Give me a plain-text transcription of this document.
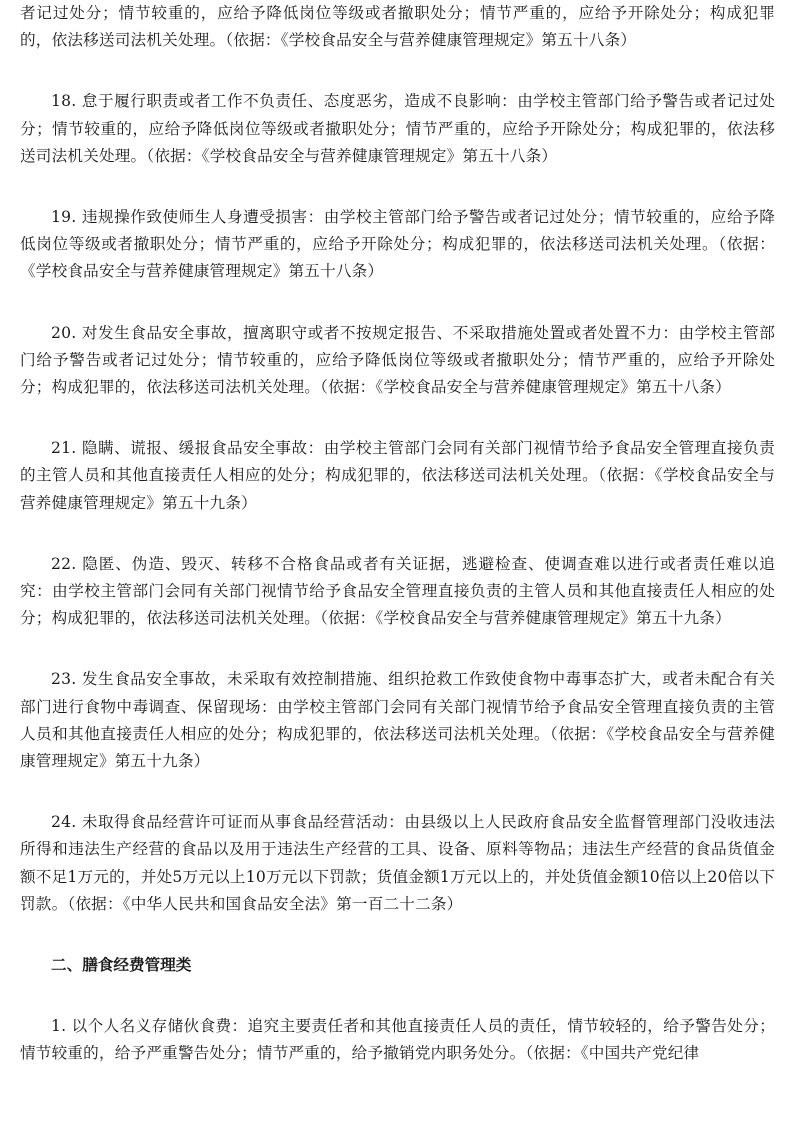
者记过处分；情节较重的，应给予降低岗位等级或者撤职处分；情节严重的，应给予开除处分；构成犯罪的，依法移送司法机关处理。（依据：《学校食品安全与营养健康管理规定》第五十八条）

18. 怠于履行职责或者工作不负责任、态度恶劣，造成不良影响：由学校主管部门给予警告或者记过处分；情节较重的，应给予降低岗位等级或者撤职处分；情节严重的，应给予开除处分；构成犯罪的，依法移送司法机关处理。（依据：《学校食品安全与营养健康管理规定》第五十八条）

19. 违规操作致使师生人身遭受损害：由学校主管部门给予警告或者记过处分；情节较重的，应给予降低岗位等级或者撤职处分；情节严重的，应给予开除处分；构成犯罪的，依法移送司法机关处理。（依据：《学校食品安全与营养健康管理规定》第五十八条）

20. 对发生食品安全事故，擅离职守或者不按规定报告、不采取措施处置或者处置不力：由学校主管部门给予警告或者记过处分；情节较重的，应给予降低岗位等级或者撤职处分；情节严重的，应给予开除处分；构成犯罪的，依法移送司法机关处理。（依据：《学校食品安全与营养健康管理规定》第五十八条）

21. 隐瞒、谎报、缓报食品安全事故：由学校主管部门会同有关部门视情节给予食品安全管理直接负责的主管人员和其他直接责任人相应的处分；构成犯罪的，依法移送司法机关处理。（依据：《学校食品安全与营养健康管理规定》第五十九条）

22. 隐匿、伪造、毁灭、转移不合格食品或者有关证据，逃避检查、使调查难以进行或者责任难以追究：由学校主管部门会同有关部门视情节给予食品安全管理直接负责的主管人员和其他直接责任人相应的处分；构成犯罪的，依法移送司法机关处理。（依据：《学校食品安全与营养健康管理规定》第五十九条）

23. 发生食品安全事故，未采取有效控制措施、组织抢救工作致使食物中毒事态扩大，或者未配合有关部门进行食物中毒调查、保留现场：由学校主管部门会同有关部门视情节给予食品安全管理直接负责的主管人员和其他直接责任人相应的处分；构成犯罪的，依法移送司法机关处理。（依据：《学校食品安全与营养健康管理规定》第五十九条）

24. 未取得食品经营许可证而从事食品经营活动：由县级以上人民政府食品安全监督管理部门没收违法所得和违法生产经营的食品以及用于违法生产经营的工具、设备、原料等物品；违法生产经营的食品货值金额不足1万元的，并处5万元以上10万元以下罚款；货值金额1万元以上的，并处货值金额10倍以上20倍以下罚款。（依据：《中华人民共和国食品安全法》第一百二十二条）

二、膳食经费管理类

1. 以个人名义存储伙食费：追究主要责任者和其他直接责任人员的责任，情节较轻的，给予警告处分；情节较重的，给予严重警告处分；情节严重的，给予撤销党内职务处分。（依据：《中国共产党纪律
